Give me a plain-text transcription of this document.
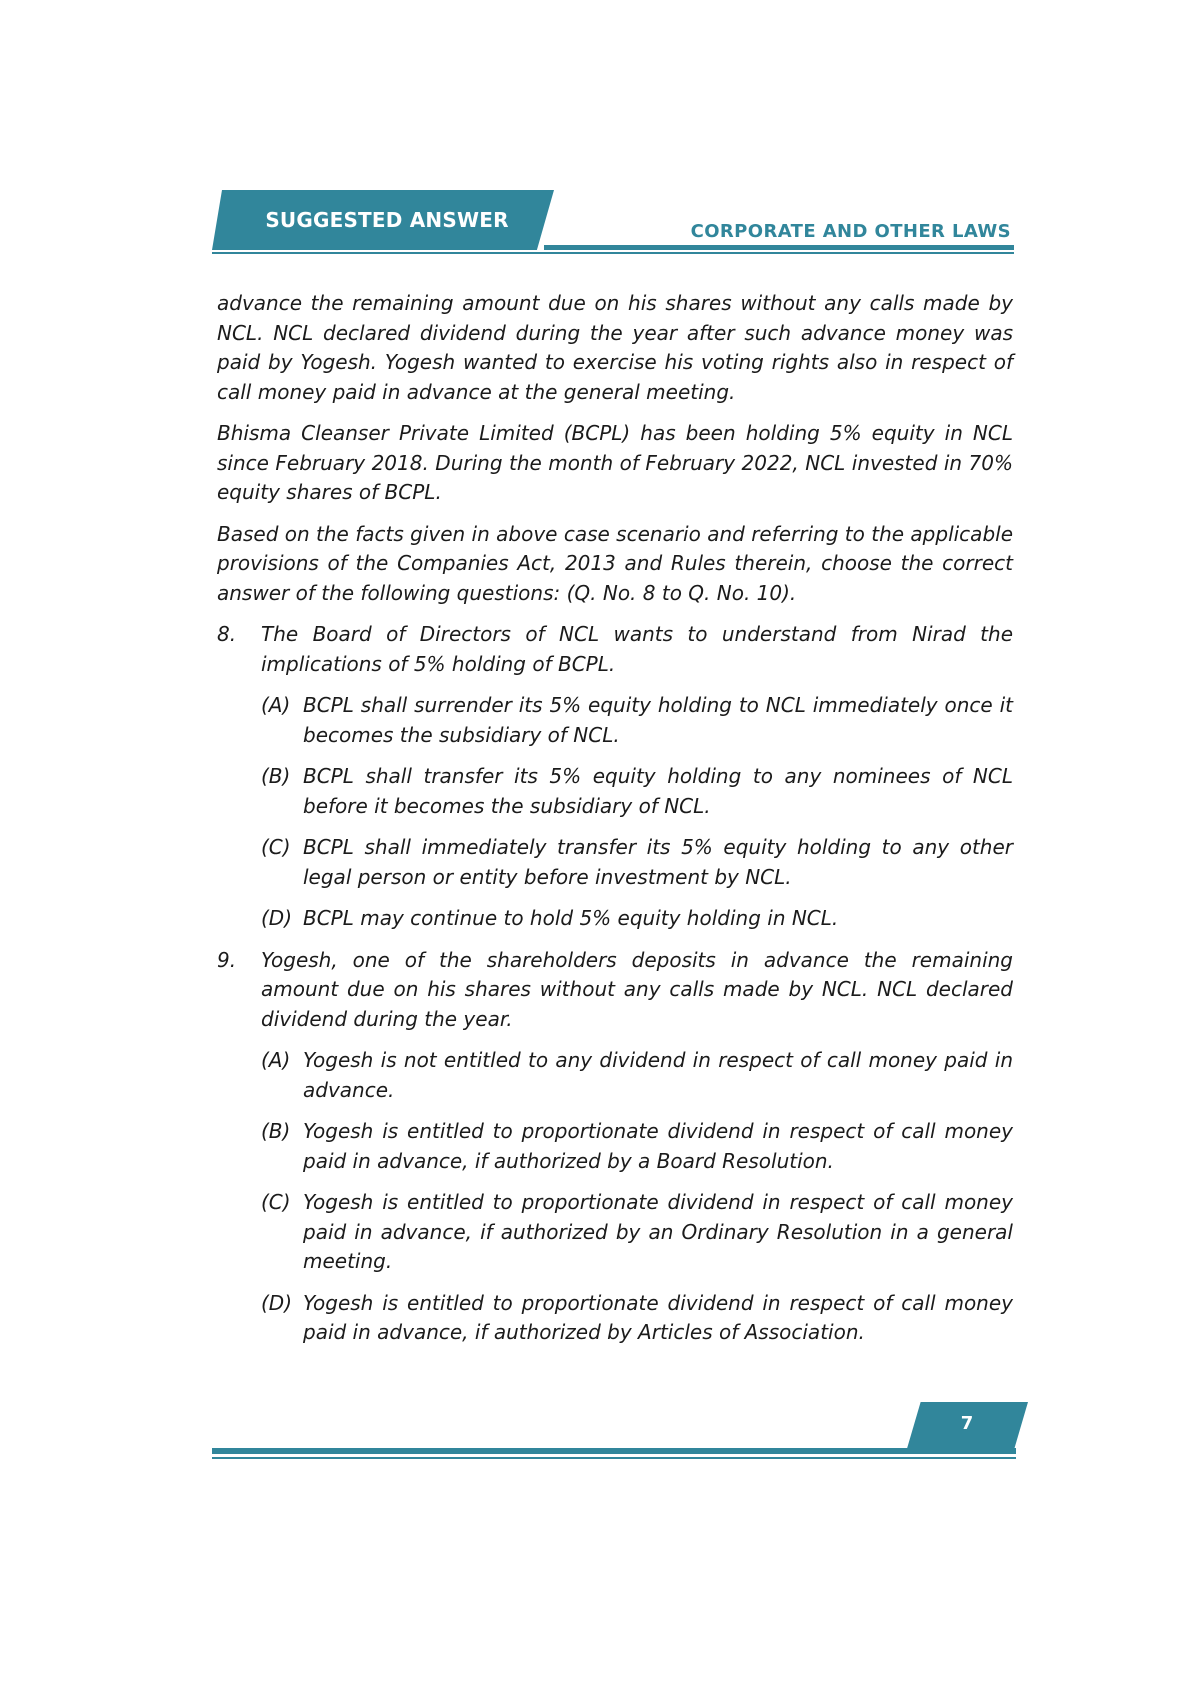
SUGGESTED ANSWER	CORPORATE AND OTHER LAWS

advance the remaining amount due on his shares without any calls made by NCL. NCL declared dividend during the year after such advance money was paid by Yogesh. Yogesh wanted to exercise his voting rights also in respect of call money paid in advance at the general meeting.

Bhisma Cleanser Private Limited (BCPL) has been holding 5% equity in NCL since February 2018. During the month of February 2022, NCL invested in 70% equity shares of BCPL.

Based on the facts given in above case scenario and referring to the applicable provisions of the Companies Act, 2013 and Rules therein, choose the correct answer of the following questions: (Q. No. 8 to Q. No. 10).

8. The Board of Directors of NCL wants to understand from Nirad the implications of 5% holding of BCPL.
(A) BCPL shall surrender its 5% equity holding to NCL immediately once it becomes the subsidiary of NCL.
(B) BCPL shall transfer its 5% equity holding to any nominees of NCL before it becomes the subsidiary of NCL.
(C) BCPL shall immediately transfer its 5% equity holding to any other legal person or entity before investment by NCL.
(D) BCPL may continue to hold 5% equity holding in NCL.
9. Yogesh, one of the shareholders deposits in advance the remaining amount due on his shares without any calls made by NCL. NCL declared dividend during the year.
(A) Yogesh is not entitled to any dividend in respect of call money paid in advance.
(B) Yogesh is entitled to proportionate dividend in respect of call money paid in advance, if authorized by a Board Resolution.
(C) Yogesh is entitled to proportionate dividend in respect of call money paid in advance, if authorized by an Ordinary Resolution in a general meeting.
(D) Yogesh is entitled to proportionate dividend in respect of call money paid in advance, if authorized by Articles of Association.
7
